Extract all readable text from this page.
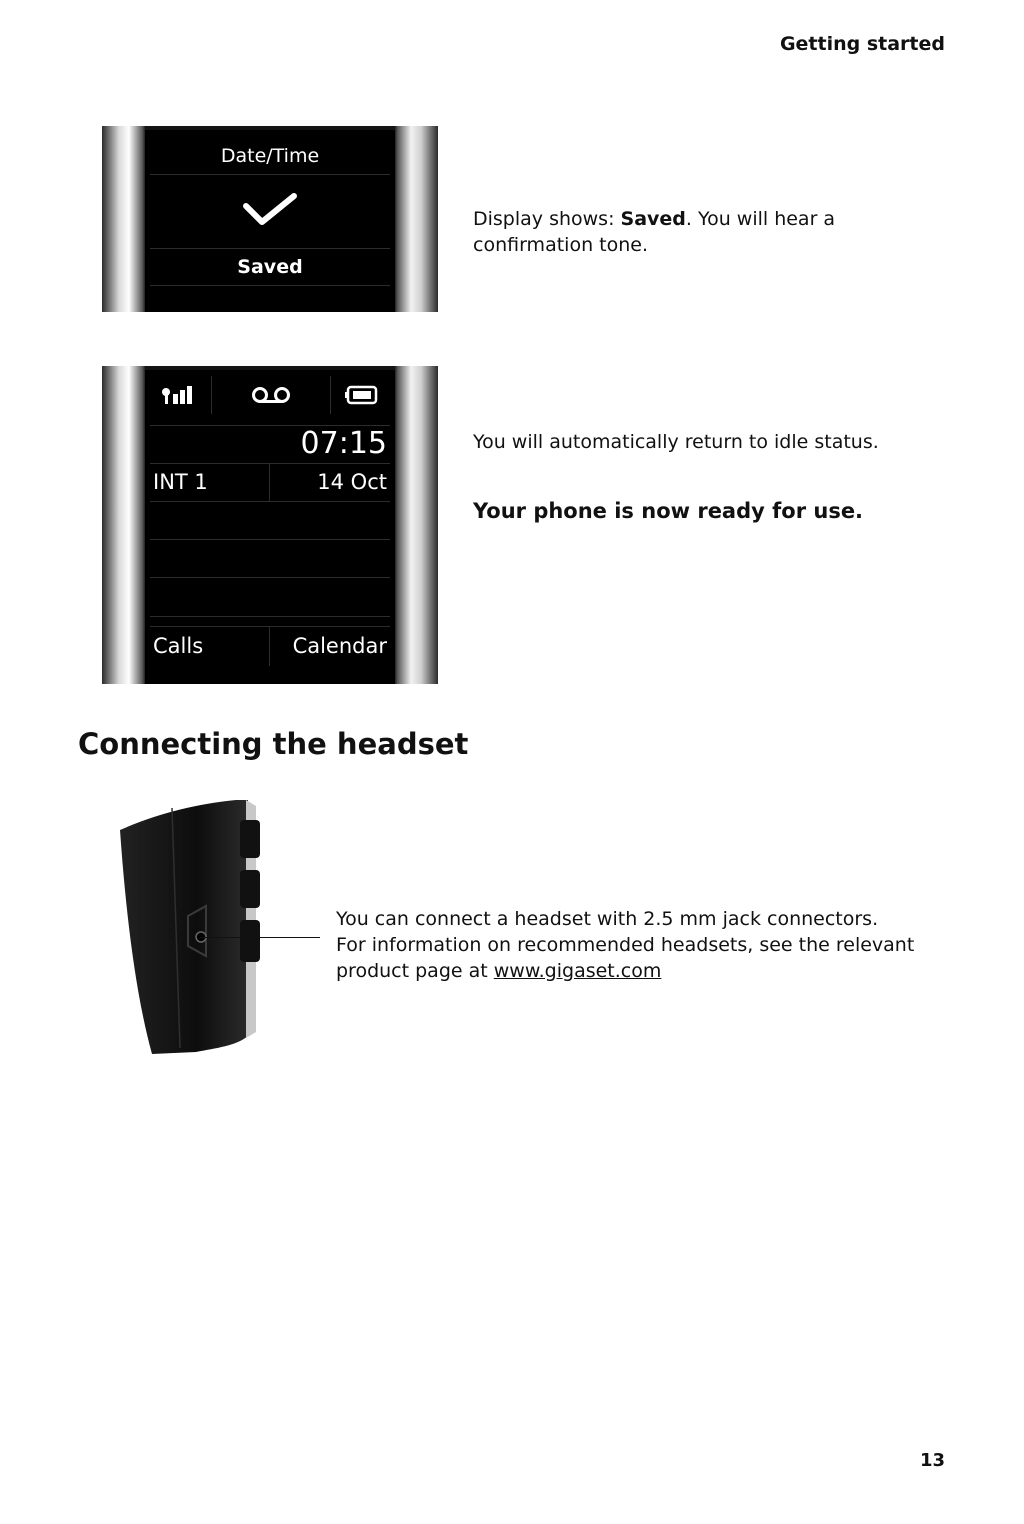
Getting started
Date/Time
Saved
Display shows: Saved. You will hear a confirmation tone.
07:15
INT 1	14 Oct
Calls	Calendar
You will automatically return to idle status.
Your phone is now ready for use.
Connecting the headset
You can connect a headset with 2.5 mm jack connectors.
For information on recommended headsets, see the relevant
product page at www.gigaset.com
13
